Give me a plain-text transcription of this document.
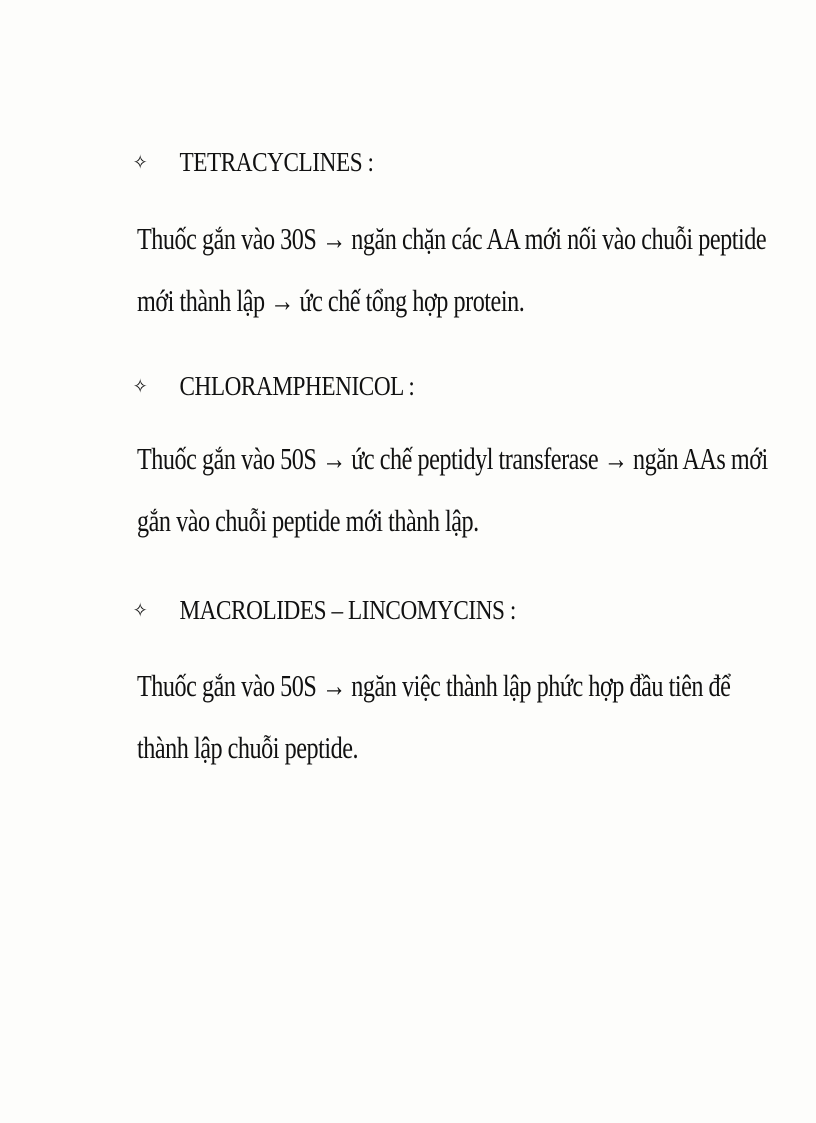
✧	TETRACYCLINES :
Thuốc gắn vào 30S → ngăn chặn các AA mới nối vào chuỗi peptide
mới thành lập → ức chế tổng hợp protein.
✧	CHLORAMPHENICOL :
Thuốc gắn vào 50S → ức chế peptidyl transferase → ngăn AAs mới
gắn vào chuỗi peptide mới thành lập.
✧	MACROLIDES – LINCOMYCINS :
Thuốc gắn vào 50S → ngăn việc thành lập phức hợp đầu tiên để
thành lập chuỗi peptide.
